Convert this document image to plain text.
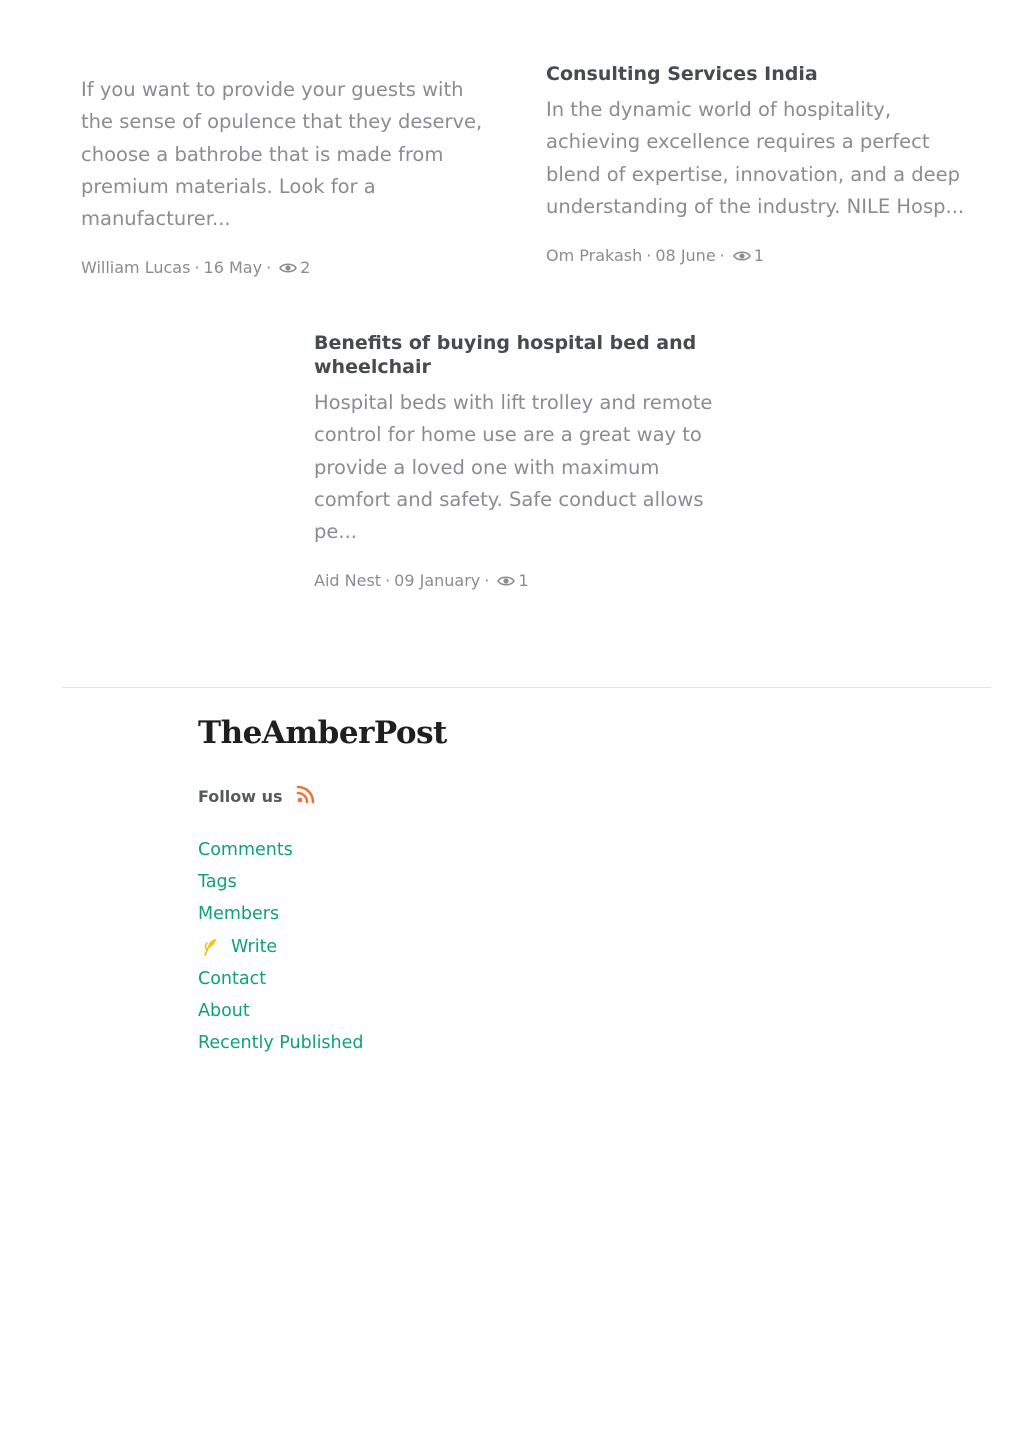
If you want to provide your guests with the sense of opulence that they deserve, choose a bathrobe that is made from premium materials. Look for a manufacturer...

William Lucas · 16 May · 2
Consulting Services India

In the dynamic world of hospitality, achieving excellence requires a perfect blend of expertise, innovation, and a deep understanding of the industry. NILE Hosp...

Om Prakash · 08 June · 1
Benefits of buying hospital bed and wheelchair

Hospital beds with lift trolley and remote control for home use are a great way to provide a loved one with maximum comfort and safety. Safe conduct allows pe...

Aid Nest · 09 January · 1
TheAmberPost
Follow us
Comments
Tags
Members
Write
Contact
About
Recently Published
